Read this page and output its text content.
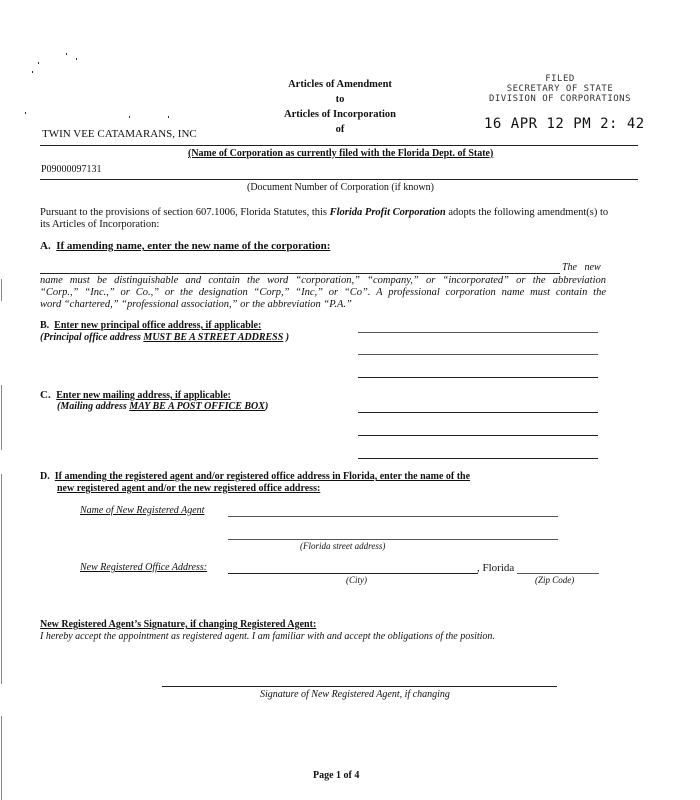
Articles of Amendment
to
Articles of Incorporation
of
FILED
SECRETARY OF STATE
DIVISION OF CORPORATIONS
16 APR 12 PM 2: 42
TWIN VEE CATAMARANS, INC
(Name of Corporation as currently filed with the Florida Dept. of State)
P09000097131
(Document Number of Corporation (if known)
Pursuant to the provisions of section 607.1006, Florida Statutes, this Florida Profit Corporation adopts the following amendment(s) to
its Articles of Incorporation:
A. If amending name, enter the new name of the corporation:
The   new
name must be distinguishable and contain the word “corporation,” “company,” or “incorporated” or the abbreviation
“Corp.,” “Inc.,” or Co.,” or the designation “Corp,” “Inc,” or “Co”. A professional corporation name must contain the
word “chartered,” “professional association,” or the abbreviation “P.A.”
B. Enter new principal office address, if applicable:
(Principal office address MUST BE A STREET ADDRESS )
C. Enter new mailing address, if applicable:
(Mailing address MAY BE A POST OFFICE BOX)
D. If amending the registered agent and/or registered office address in Florida, enter the name of the
new registered agent and/or the new registered office address:
Name of New Registered Agent
(Florida street address)
New Registered Office Address:	, Florida
(City)	(Zip Code)
New Registered Agent’s Signature, if changing Registered Agent:
I hereby accept the appointment as registered agent. I am familiar with and accept the obligations of the position.
Signature of New Registered Agent, if changing
Page 1 of 4
